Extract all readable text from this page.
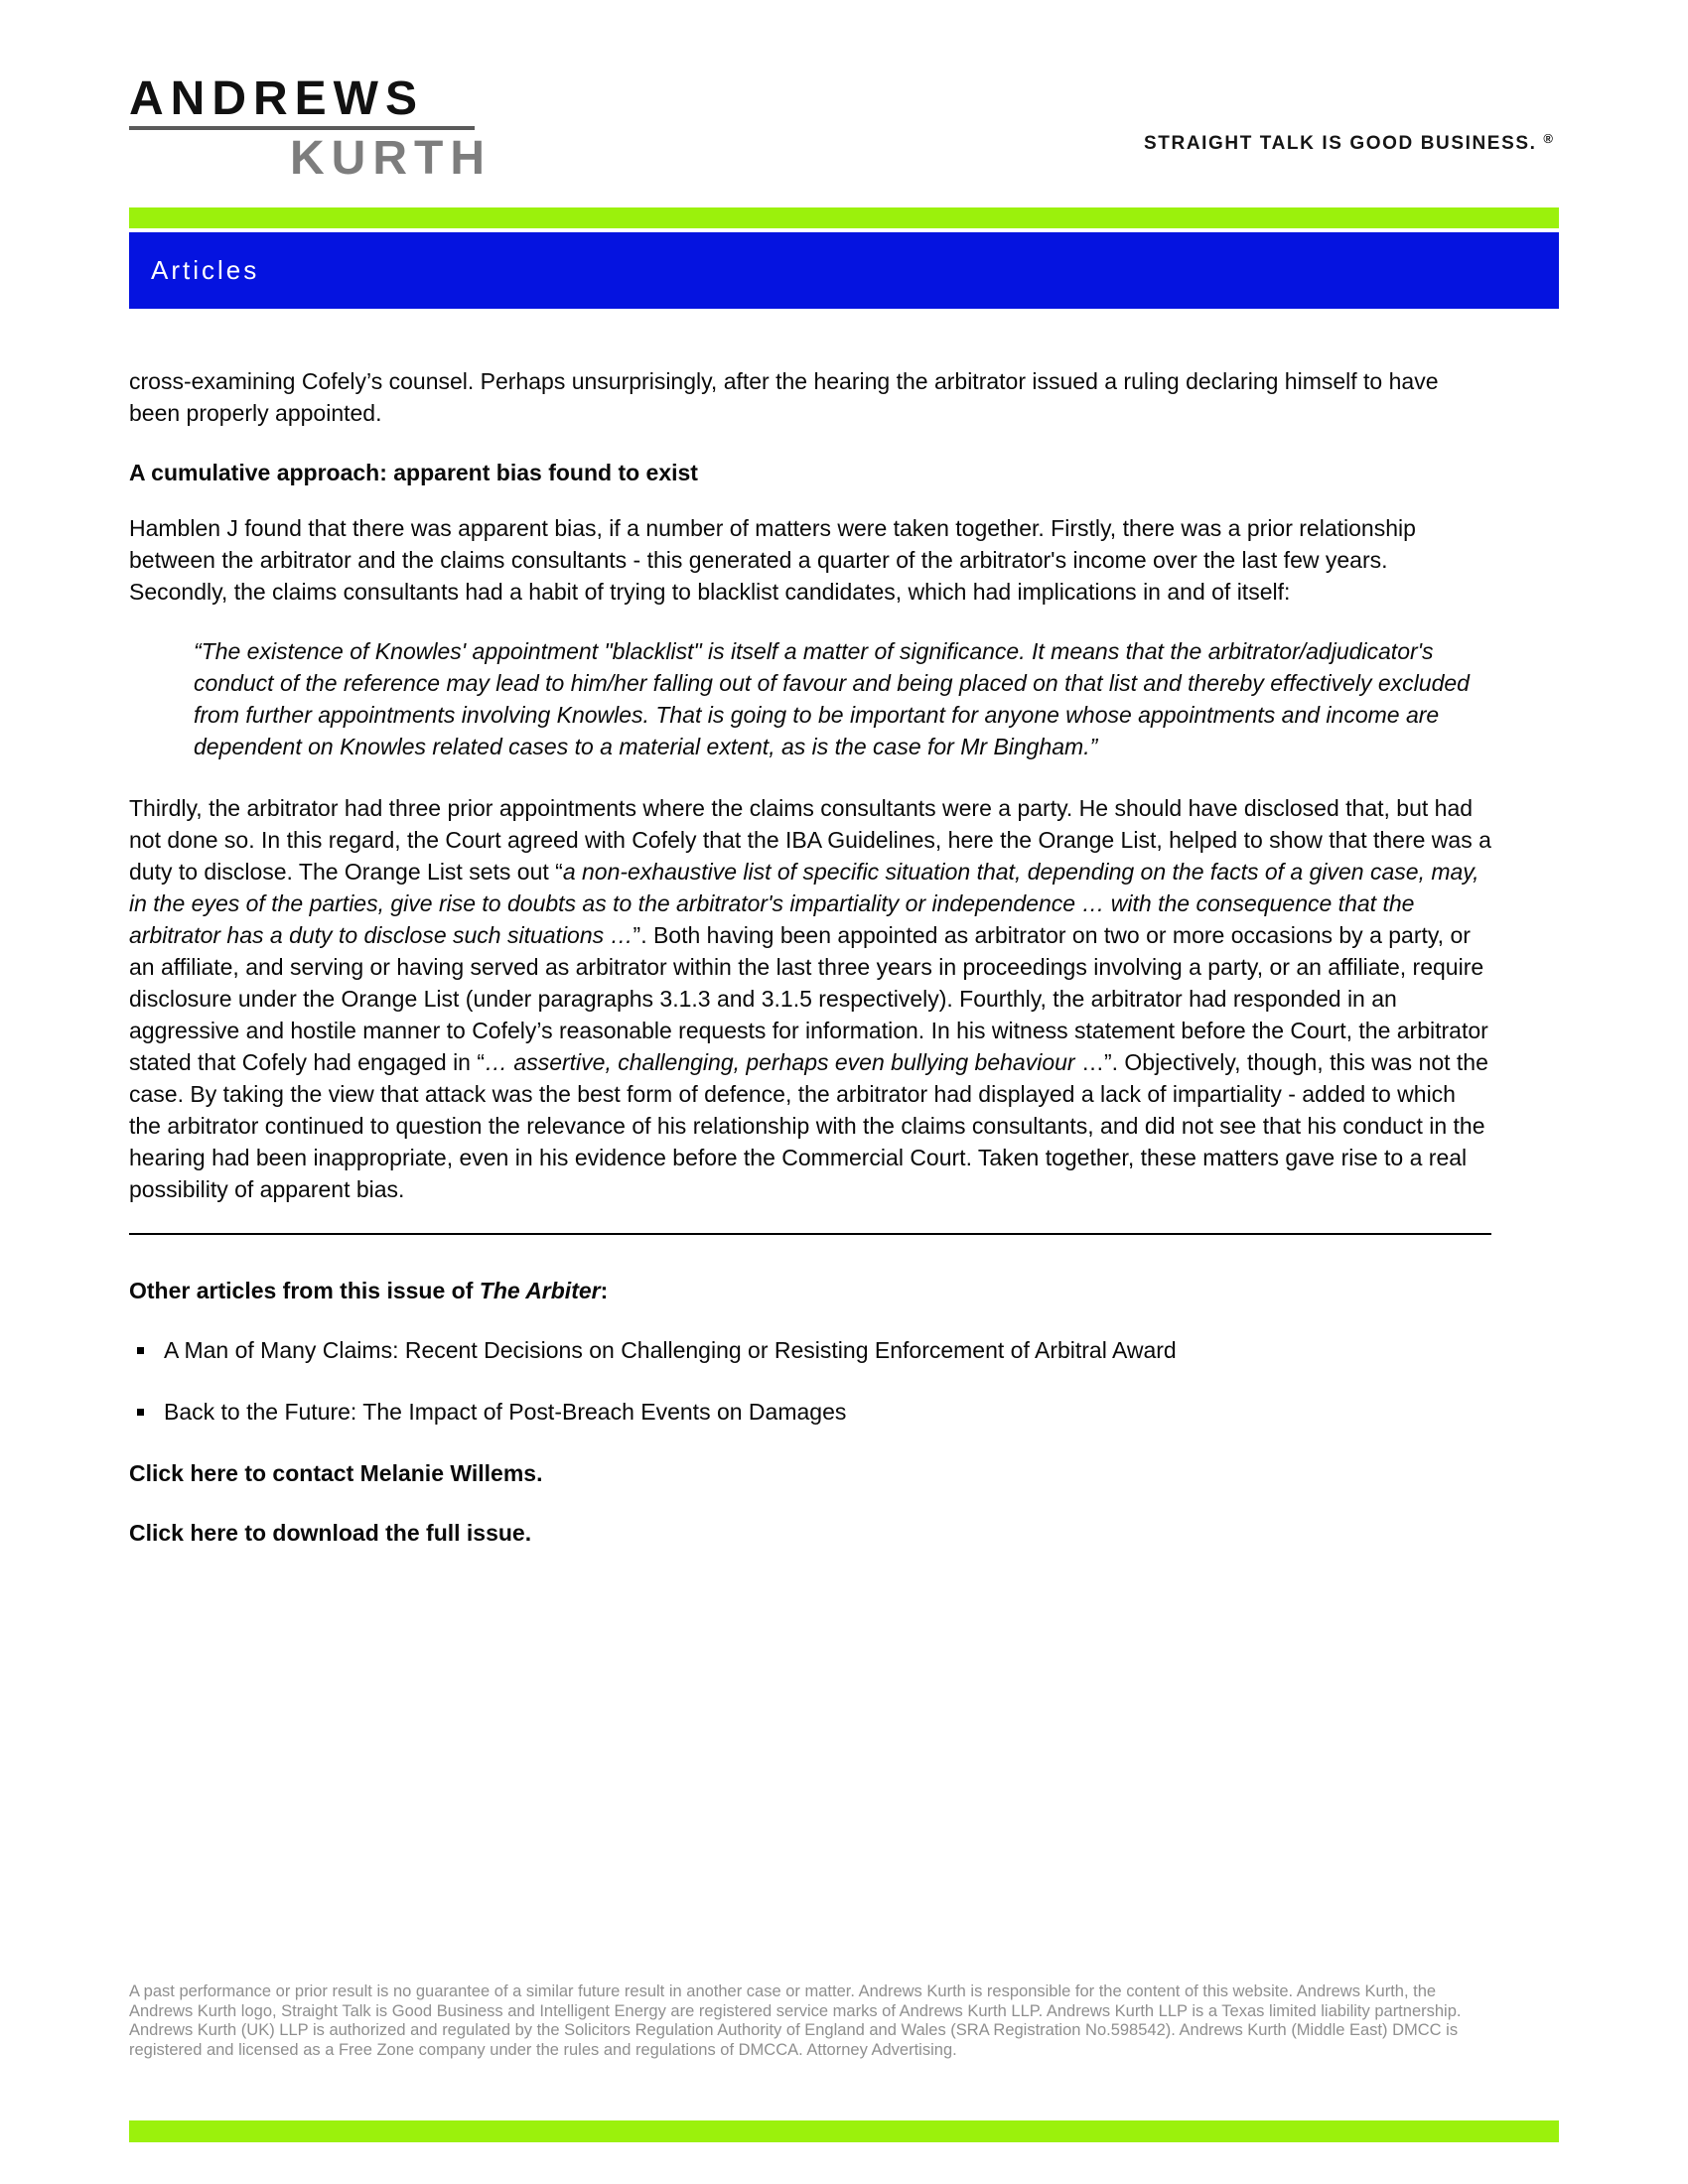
ANDREWS
KURTH	STRAIGHT TALK IS GOOD BUSINESS. ®
Articles

cross-examining Cofely’s counsel. Perhaps unsurprisingly, after the hearing the arbitrator issued a ruling declaring himself to have been properly appointed.

A cumulative approach: apparent bias found to exist

Hamblen J found that there was apparent bias, if a number of matters were taken together. Firstly, there was a prior relationship between the arbitrator and the claims consultants - this generated a quarter of the arbitrator's income over the last few years. Secondly, the claims consultants had a habit of trying to blacklist candidates, which had implications in and of itself:

“The existence of Knowles' appointment "blacklist" is itself a matter of significance. It means that the arbitrator/adjudicator's conduct of the reference may lead to him/her falling out of favour and being placed on that list and thereby effectively excluded from further appointments involving Knowles. That is going to be important for anyone whose appointments and income are dependent on Knowles related cases to a material extent, as is the case for Mr Bingham.”

Thirdly, the arbitrator had three prior appointments where the claims consultants were a party. He should have disclosed that, but had not done so. In this regard, the Court agreed with Cofely that the IBA Guidelines, here the Orange List, helped to show that there was a duty to disclose. The Orange List sets out “a non-exhaustive list of specific situation that, depending on the facts of a given case, may, in the eyes of the parties, give rise to doubts as to the arbitrator's impartiality or independence … with the consequence that the arbitrator has a duty to disclose such situations …”. Both having been appointed as arbitrator on two or more occasions by a party, or an affiliate, and serving or having served as arbitrator within the last three years in proceedings involving a party, or an affiliate, require disclosure under the Orange List (under paragraphs 3.1.3 and 3.1.5 respectively). Fourthly, the arbitrator had responded in an aggressive and hostile manner to Cofely’s reasonable requests for information. In his witness statement before the Court, the arbitrator stated that Cofely had engaged in “… assertive, challenging, perhaps even bullying behaviour …”. Objectively, though, this was not the case. By taking the view that attack was the best form of defence, the arbitrator had displayed a lack of impartiality - added to which the arbitrator continued to question the relevance of his relationship with the claims consultants, and did not see that his conduct in the hearing had been inappropriate, even in his evidence before the Commercial Court. Taken together, these matters gave rise to a real possibility of apparent bias.

Other articles from this issue of The Arbiter:

A Man of Many Claims: Recent Decisions on Challenging or Resisting Enforcement of Arbitral Award
Back to the Future: The Impact of Post-Breach Events on Damages

Click here to contact Melanie Willems.

Click here to download the full issue.

A past performance or prior result is no guarantee of a similar future result in another case or matter. Andrews Kurth is responsible for the content of this website. Andrews Kurth, the Andrews Kurth logo, Straight Talk is Good Business and Intelligent Energy are registered service marks of Andrews Kurth LLP. Andrews Kurth LLP is a Texas limited liability partnership. Andrews Kurth (UK) LLP is authorized and regulated by the Solicitors Regulation Authority of England and Wales (SRA Registration No.598542). Andrews Kurth (Middle East) DMCC is registered and licensed as a Free Zone company under the rules and regulations of DMCCA. Attorney Advertising.
